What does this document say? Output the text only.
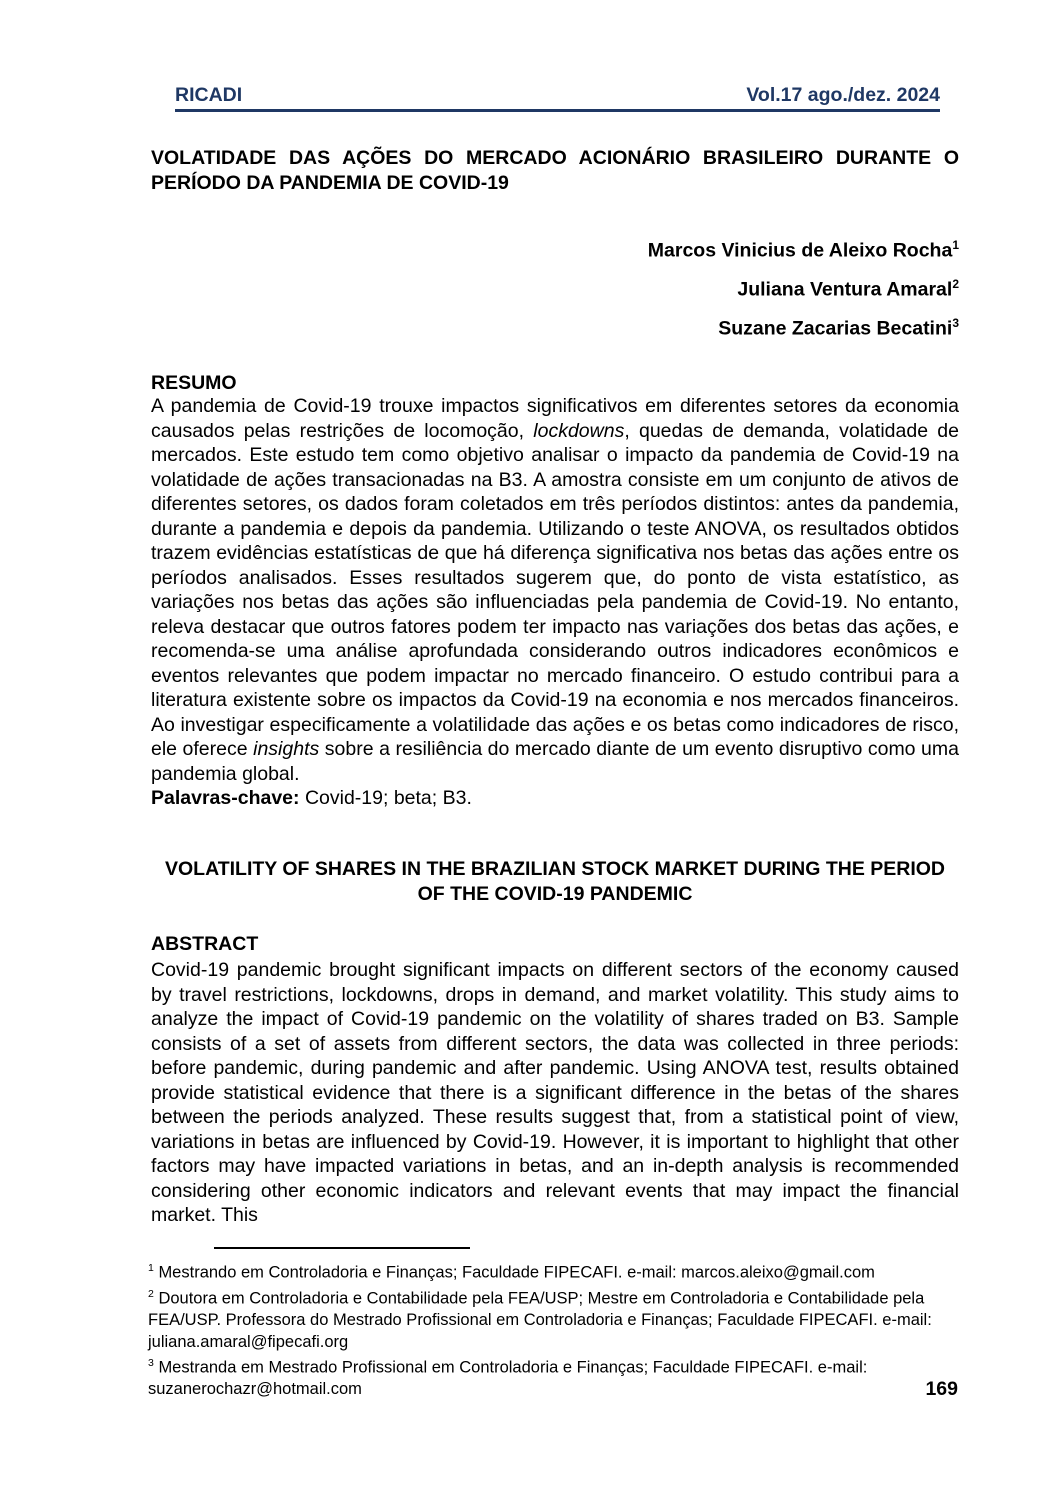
RICADI	Vol.17 ago./dez. 2024
VOLATIDADE DAS AÇÕES DO MERCADO ACIONÁRIO BRASILEIRO DURANTE O PERÍODO DA PANDEMIA DE COVID-19
Marcos Vinicius de Aleixo Rocha$^1$
Juliana Ventura Amaral$^2$
Suzane Zacarias Becatini$^3$
RESUMO

A pandemia de Covid-19 trouxe impactos significativos em diferentes setores da economia causados pelas restrições de locomoção, lockdowns, quedas de demanda, volatidade de mercados. Este estudo tem como objetivo analisar o impacto da pandemia de Covid-19 na volatidade de ações transacionadas na B3. A amostra consiste em um conjunto de ativos de diferentes setores, os dados foram coletados em três períodos distintos: antes da pandemia, durante a pandemia e depois da pandemia. Utilizando o teste ANOVA, os resultados obtidos trazem evidências estatísticas de que há diferença significativa nos betas das ações entre os períodos analisados. Esses resultados sugerem que, do ponto de vista estatístico, as variações nos betas das ações são influenciadas pela pandemia de Covid-19. No entanto, releva destacar que outros fatores podem ter impacto nas variações dos betas das ações, e recomenda-se uma análise aprofundada considerando outros indicadores econômicos e eventos relevantes que podem impactar no mercado financeiro. O estudo contribui para a literatura existente sobre os impactos da Covid-19 na economia e nos mercados financeiros. Ao investigar especificamente a volatilidade das ações e os betas como indicadores de risco, ele oferece insights sobre a resiliência do mercado diante de um evento disruptivo como uma pandemia global.

Palavras-chave: Covid-19; beta; B3.

VOLATILITY OF SHARES IN THE BRAZILIAN STOCK MARKET DURING THE PERIOD OF THE COVID-19 PANDEMIC
ABSTRACT

Covid-19 pandemic brought significant impacts on different sectors of the economy caused by travel restrictions, lockdowns, drops in demand, and market volatility. This study aims to analyze the impact of Covid-19 pandemic on the volatility of shares traded on B3. Sample consists of a set of assets from different sectors, the data was collected in three periods: before pandemic, during pandemic and after pandemic. Using ANOVA test, results obtained provide statistical evidence that there is a significant difference in the betas of the shares between the periods analyzed. These results suggest that, from a statistical point of view, variations in betas are influenced by Covid-19. However, it is important to highlight that other factors may have impacted variations in betas, and an in-depth analysis is recommended considering other economic indicators and relevant events that may impact the financial market. This

$^1$ Mestrando em Controladoria e Finanças; Faculdade FIPECAFI. e-mail: marcos.aleixo@gmail.com

$^2$ Doutora em Controladoria e Contabilidade pela FEA/USP; Mestre em Controladoria e Contabilidade pela FEA/USP. Professora do Mestrado Profissional em Controladoria e Finanças; Faculdade FIPECAFI. e-mail: juliana.amaral@fipecafi.org

$^3$ Mestranda em Mestrado Profissional em Controladoria e Finanças; Faculdade FIPECAFI. e-mail: suzanerochazr@hotmail.com	169
